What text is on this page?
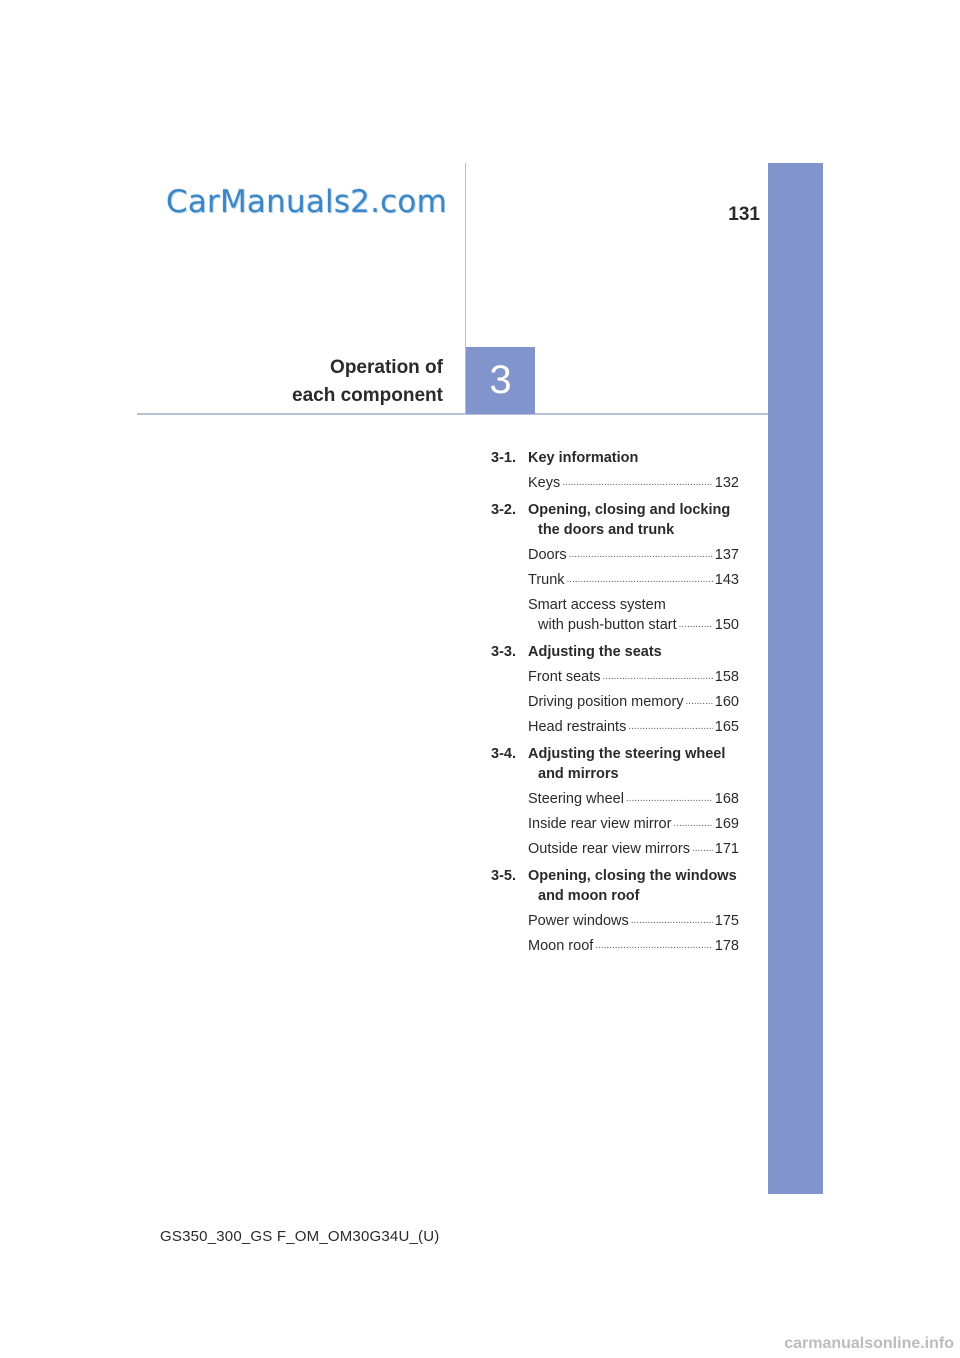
CarManuals2.com	131
Operation of
each component	3
3-1. Key information
Keys .....	132
3-2. Opening, closing and locking
the doors and trunk
Doors .....	137
Trunk .....	143
Smart access system
with push-button start .....	150
3-3. Adjusting the seats
Front seats .....	158
Driving position memory ..... 160
Head restraints .....	165
3-4. Adjusting the steering wheel
and mirrors
Steering wheel .....	168
Inside rear view mirror .....	169
Outside rear view mirrors ..... 171
3-5. Opening, closing the windows
and moon roof
Power windows .....	175
Moon roof .....	178
GS350_300_GS F_OM_OM30G34U_(U)
carmanualsonline.info
